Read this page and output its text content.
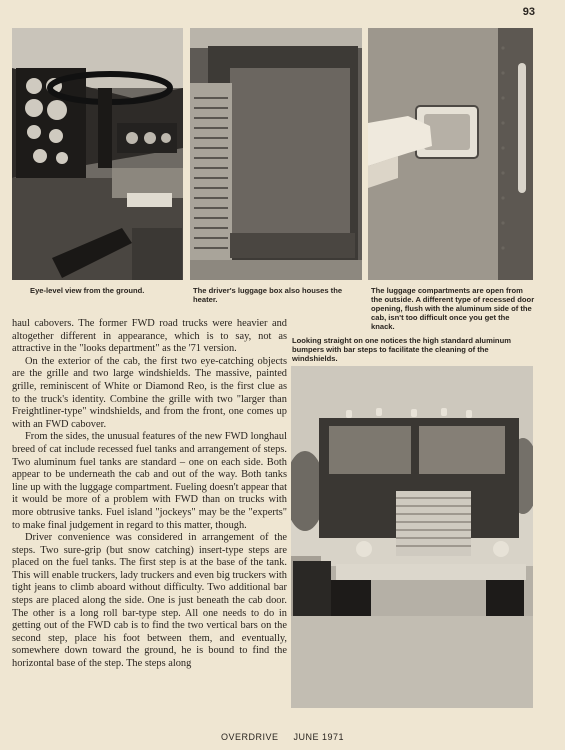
93
Eye-level view from the ground.	The driver's luggage box also houses the heater.
The luggage compartments are open from the outside. A different type of recessed door opening, flush with the aluminum side of the cab, isn't too difficult once you get the knack.
Looking straight on one notices the high standard aluminum bumpers with bar steps to facilitate the cleaning of the windshields.

haul cabovers. The former FWD road trucks were heavier and altogether different in appearance, which is to say, not as attractive in the "looks department" as the '71 version.

On the exterior of the cab, the first two eye-catching objects are the grille and two large windshields. The massive, painted grille, reminiscent of White or Diamond Reo, is the first clue as to the truck's identity. Combine the grille with two "larger than Freightliner-type" windshields, and from the front, one comes up with an FWD cabover.

From the sides, the unusual features of the new FWD longhaul breed of cat include recessed fuel tanks and arrangement of steps. Two aluminum fuel tanks are standard – one on each side. Both appear to be underneath the cab and out of the way. Both tanks line up with the luggage compartment. Fueling doesn't appear that it would be more of a problem with FWD than on trucks with more obtrusive tanks. Fuel island "jockeys" may be the "experts" to make final judgement in regard to this matter, though.

Driver convenience was considered in arrangement of the steps. Two sure-grip (but snow catching) insert-type steps are placed on the fuel tanks. The first step is at the base of the tank. This will enable truckers, lady truckers and even big truckers with tight jeans to climb aboard without difficulty. Two additional bar steps are placed along the side. One is just beneath the cab door. The other is a long roll bar-type step. All one needs to do in getting out of the FWD cab is to find the two vertical bars on the second step, place his foot between them, and eventually, somewhere down toward the ground, he is bound to find the horizontal base of the step. The steps along

OVERDRIVE JUNE 1971
